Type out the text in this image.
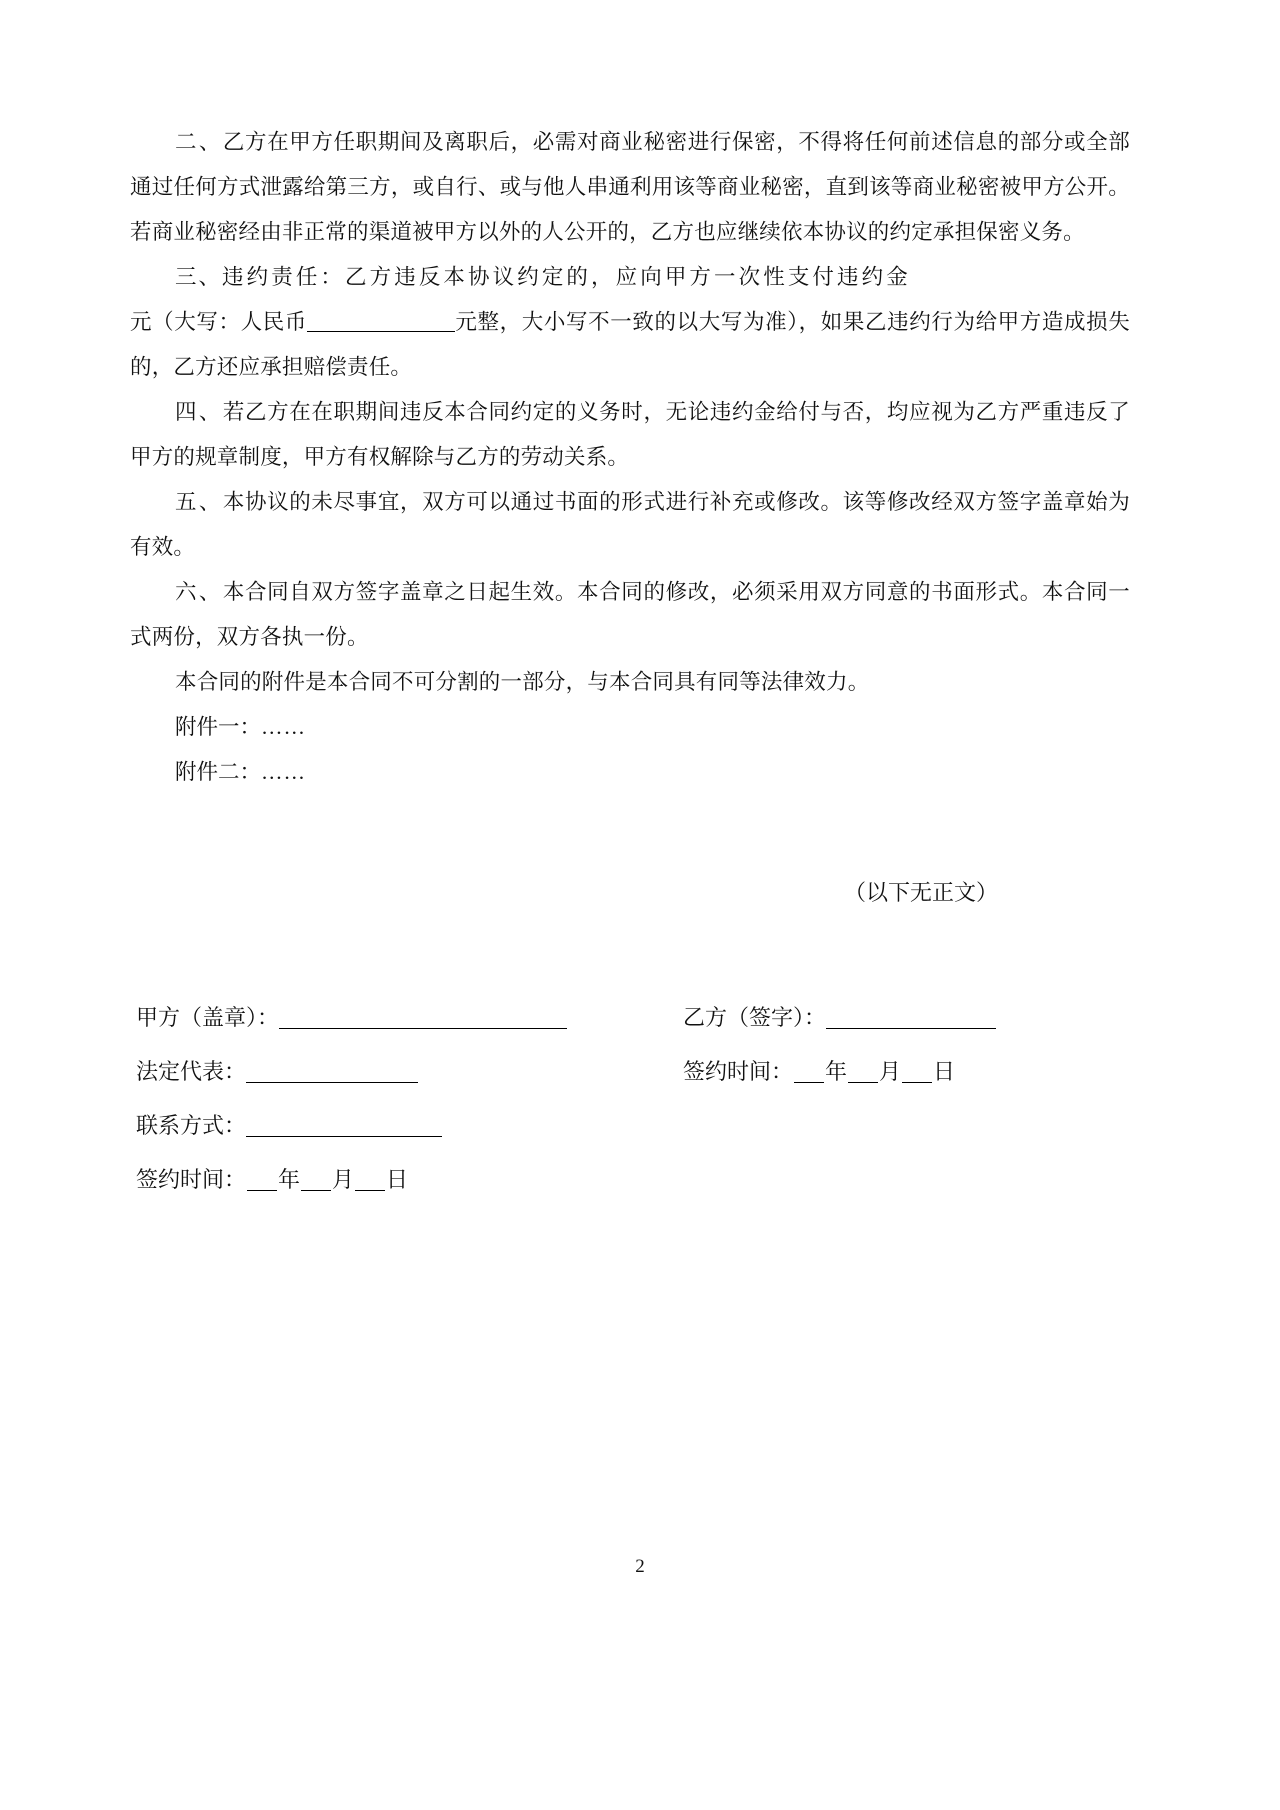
二、乙方在甲方任职期间及离职后，必需对商业秘密进行保密，不得将任何前述信息的部分或全部通过任何方式泄露给第三方，或自行、或与他人串通利用该等商业秘密，直到该等商业秘密被甲方公开。若商业秘密经由非正常的渠道被甲方以外的人公开的，乙方也应继续依本协议的约定承担保密义务。

三、违约责任：乙方违反本协议约定的，应向甲方一次性支付违约金

元（大写：人民币	元整，大小写不一致的以大写为准），如果乙违约行为给甲方造成损失的，乙方还应承担赔偿责任。

四、若乙方在在职期间违反本合同约定的义务时，无论违约金给付与否，均应视为乙方严重违反了甲方的规章制度，甲方有权解除与乙方的劳动关系。

五、本协议的未尽事宜，双方可以通过书面的形式进行补充或修改。该等修改经双方签字盖章始为有效。

六、本合同自双方签字盖章之日起生效。本合同的修改，必须采用双方同意的书面形式。本合同一式两份，双方各执一份。

本合同的附件是本合同不可分割的一部分，与本合同具有同等法律效力。

附件一：……
附件二：……
（以下无正文）
甲方（盖章）：
法定代表：
联系方式：
签约时间： 年 月 日
乙方（签字）：
签约时间： 年 月 日
2
